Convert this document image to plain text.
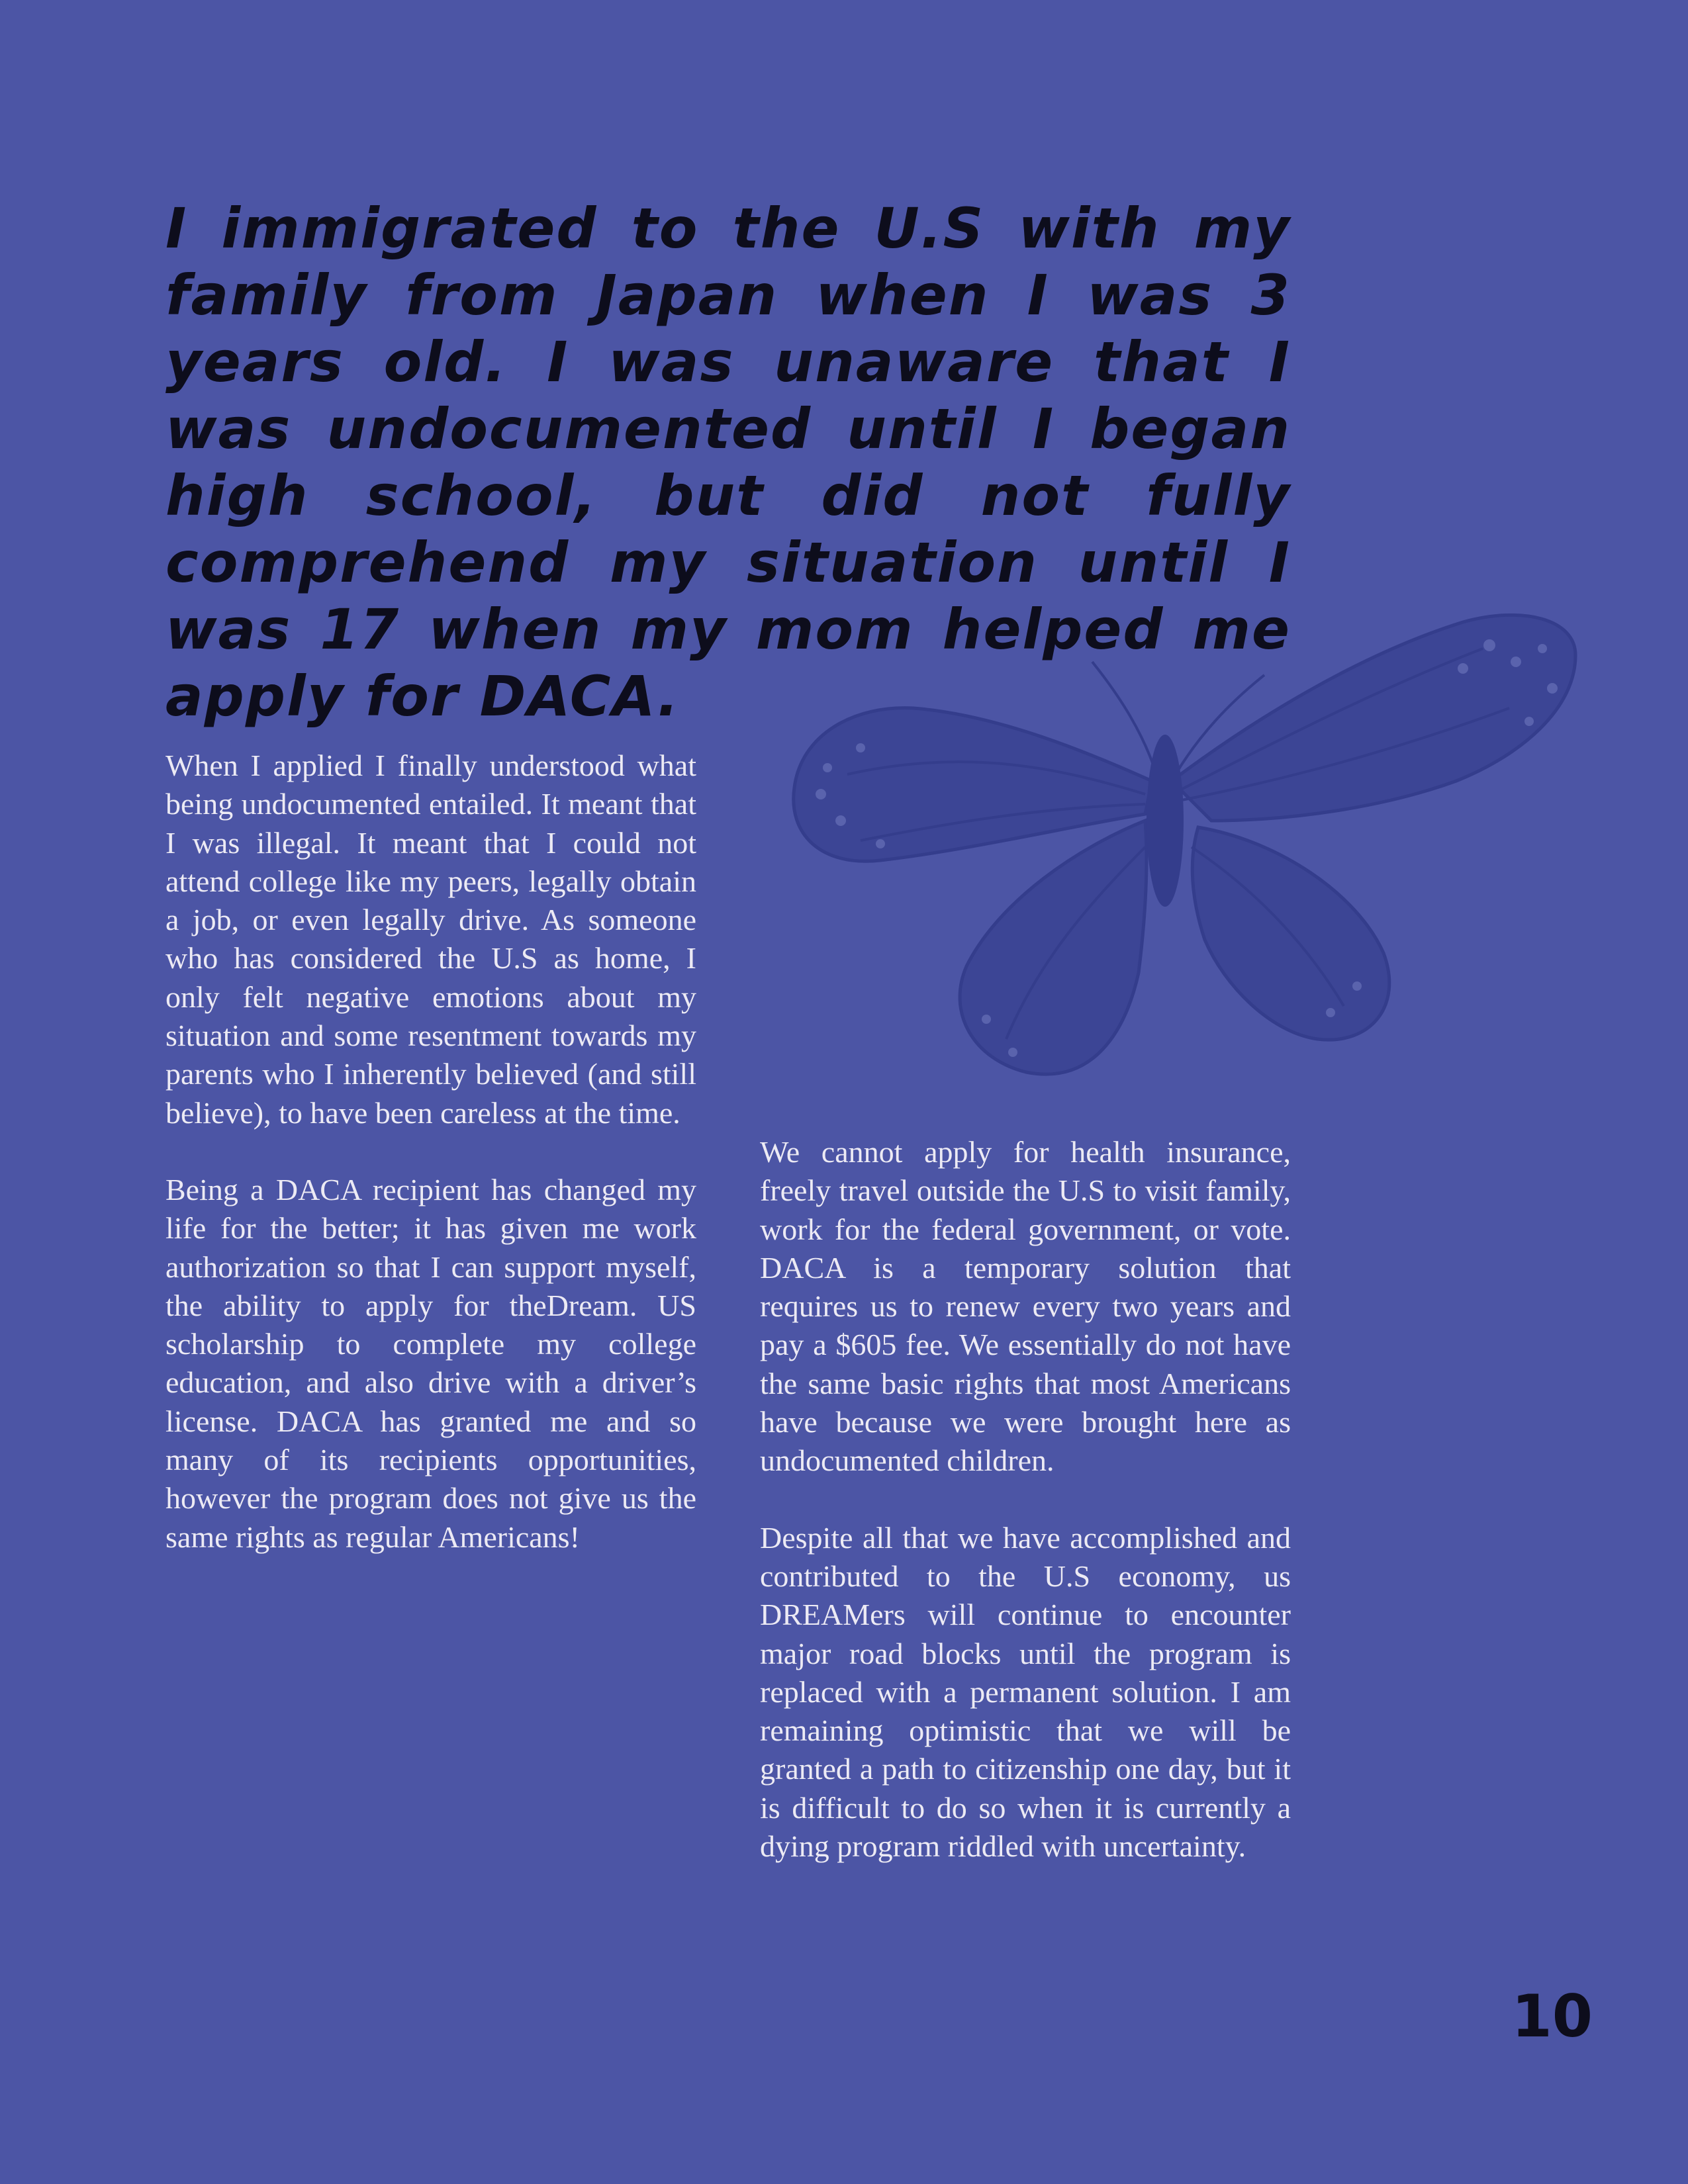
I immigrated to the U.S with my family from Japan when I was 3 years old. I was unaware that I was undocumented until I began high school, but did not fully comprehend my situation until I was 17 when my mom helped me apply for DACA.

When I applied I finally understood what being undocumented entailed. It meant that I was illegal. It meant that I could not attend college like my peers, legally obtain a job, or even legally drive. As someone who has considered the U.S as home, I only felt negative emotions about my situation and some resentment towards my parents who I inherently believed (and still believe), to have been careless at the time.

Being a DACA recipient has changed my life for the better; it has given me work authorization so that I can support myself, the ability to apply for theDream. US scholarship to complete my college education, and also drive with a driver’s license. DACA has granted me and so many of its recipients opportunities, however the program does not give us the same rights as regular Americans!

We cannot apply for health insurance, freely travel outside the U.S to visit family, work for the federal government, or vote. DACA is a temporary solution that requires us to renew every two years and pay a $605 fee. We essentially do not have the same basic rights that most Americans have because we were brought here as undocumented children.

Despite all that we have accomplished and contributed to the U.S economy, us DREAMers will continue to encounter major road blocks until the program is replaced with a permanent solution. I am remaining optimistic that we will be granted a path to citizenship one day, but it is difficult to do so when it is currently a dying program riddled with uncertainty.

10
